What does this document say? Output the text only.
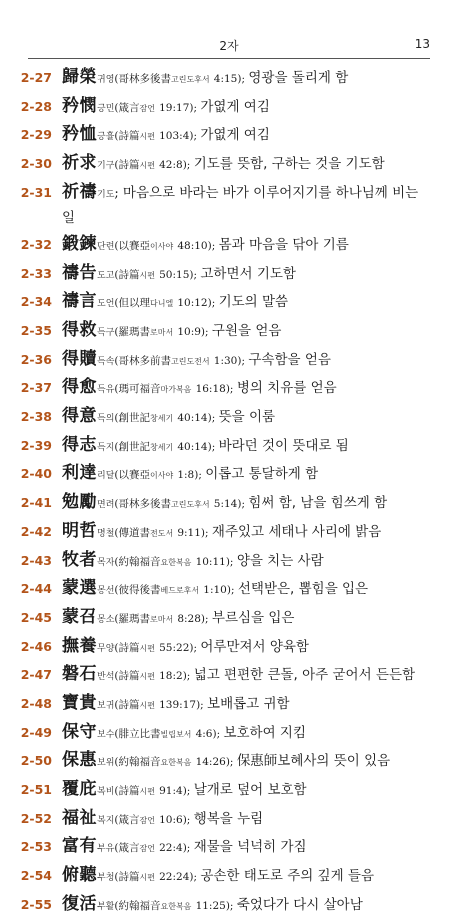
2자	13
2-27 歸榮귀영(哥林多後書고린도후서 4:15); 영광을 돌리게 함
2-28 矜憫긍민(箴言잠언 19:17); 가엾게 여김
2-29 矜恤긍휼(詩篇시편 103:4); 가엾게 여김
2-30 祈求기구(詩篇시편 42:8); 기도를 뜻함, 구하는 것을 기도함
2-31 祈禱기도; 마음으로 바라는 바가 이루어지기를 하나님께 비는 일
2-32 鍛鍊단련(以賽亞이사야 48:10); 몸과 마음을 닦아 기름
2-33 禱告도고(詩篇시편 50:15); 고하면서 기도함
2-34 禱言도언(但以理다니엘 10:12); 기도의 말씀
2-35 得救득구(羅瑪書로마서 10:9); 구원을 얻음
2-36 得贖득속(哥林多前書고린도전서 1:30); 구속함을 얻음
2-37 得愈득유(瑪可福音마가복음 16:18); 병의 치유를 얻음
2-38 得意득의(創世記창세기 40:14); 뜻을 이룸
2-39 得志득지(創世記창세기 40:14); 바라던 것이 뜻대로 됨
2-40 利達리달(以賽亞이사야 1:8); 이롭고 통달하게 함
2-41 勉勵면려(哥林多後書고린도후서 5:14); 힘써 함, 남을 힘쓰게 함
2-42 明哲명철(傳道書전도서 9:11); 재주있고 세태나 사리에 밝음
2-43 牧者목자(約翰福音요한복음 10:11); 양을 치는 사람
2-44 蒙選몽선(彼得後書베드로후서 1:10); 선택받은, 뽑힘을 입은
2-45 蒙召몽소(羅瑪書로마서 8:28); 부르심을 입은
2-46 撫養무양(詩篇시편 55:22); 어루만져서 양육함
2-47 磐石반석(詩篇시편 18:2); 넓고 편편한 큰돌, 아주 굳어서 든든함
2-48 寶貴보귀(詩篇시편 139:17); 보배롭고 귀함
2-49 保守보수(腓立比書빌립보서 4:6); 보호하여 지킴
2-50 保惠보위(約翰福音요한복음 14:26); 保惠師보혜사의 뜻이 있음
2-51 覆庇복비(詩篇시편 91:4); 날개로 덮어 보호함
2-52 福祉복지(箴言잠언 10:6); 행복을 누림
2-53 富有부유(箴言잠언 22:4); 재물을 넉넉히 가짐
2-54 俯聽부청(詩篇시편 22:24); 공손한 태도로 주의 깊게 들음
2-55 復活부활(約翰福音요한복음 11:25); 죽었다가 다시 살아남
